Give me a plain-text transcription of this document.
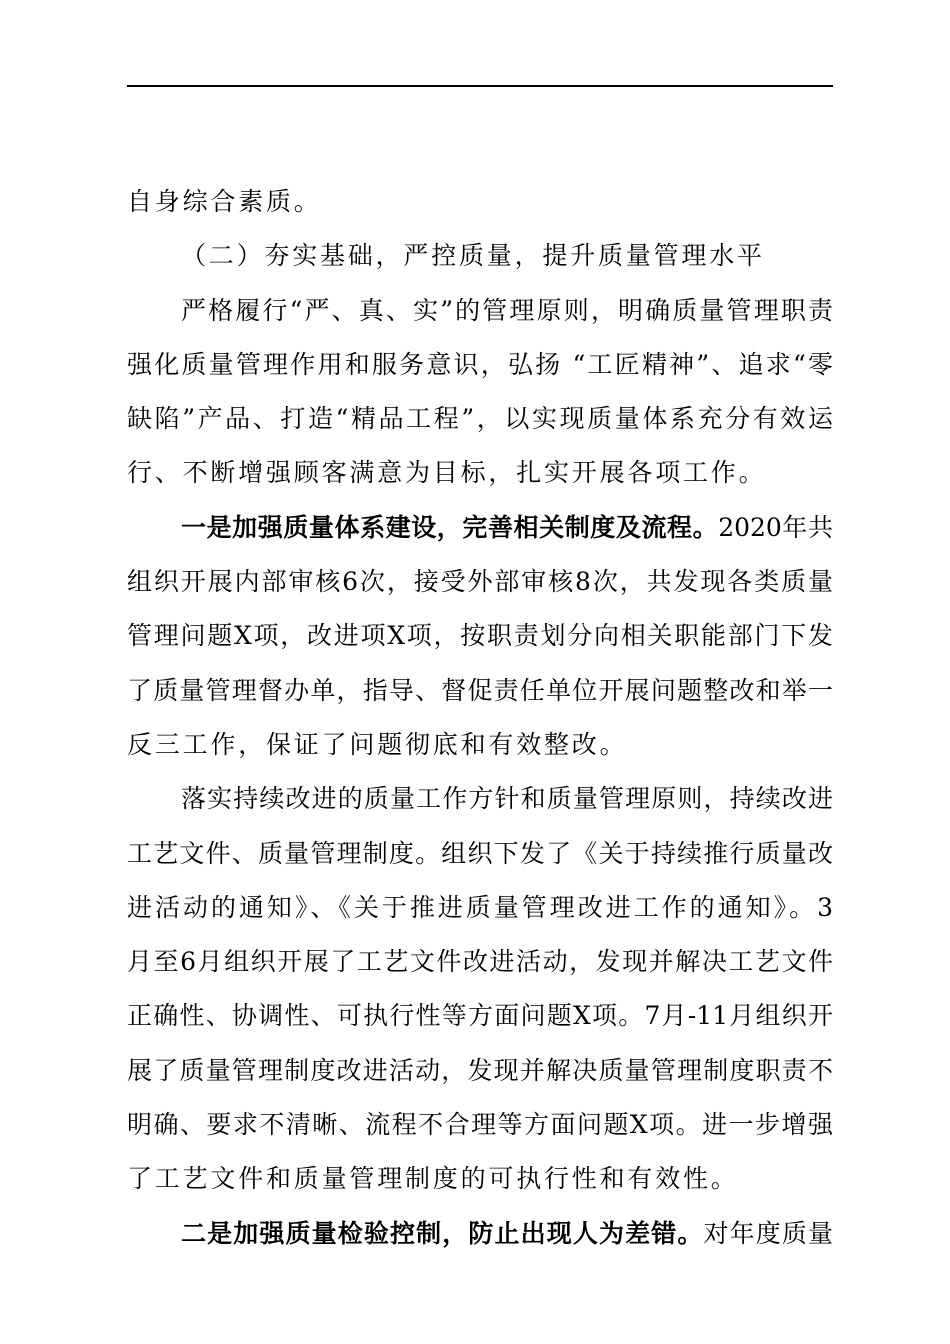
自身综合素质。
（二）夯实基础，严控质量，提升质量管理水平
严格履行“严、真、实”的管理原则，明确质量管理职责
强化质量管理作用和服务意识，弘扬 “工匠精神”、追求“零
缺陷”产品、打造“精品工程”，以实现质量体系充分有效运
行、不断增强顾客满意为目标，扎实开展各项工作。
一是加强质量体系建设，完善相关制度及流程。2020年共
组织开展内部审核6次，接受外部审核8次，共发现各类质量
管理问题X项，改进项X项，按职责划分向相关职能部门下发
了质量管理督办单，指导、督促责任单位开展问题整改和举一
反三工作，保证了问题彻底和有效整改。
落实持续改进的质量工作方针和质量管理原则，持续改进
工艺文件、质量管理制度。组织下发了《关于持续推行质量改
进活动的通知》、《关于推进质量管理改进工作的通知》。3
月至6月组织开展了工艺文件改进活动，发现并解决工艺文件
正确性、协调性、可执行性等方面问题X项。7月-11月组织开
展了质量管理制度改进活动，发现并解决质量管理制度职责不
明确、要求不清晰、流程不合理等方面问题X项。进一步增强
了工艺文件和质量管理制度的可执行性和有效性。
二是加强质量检验控制，防止出现人为差错。对年度质量
